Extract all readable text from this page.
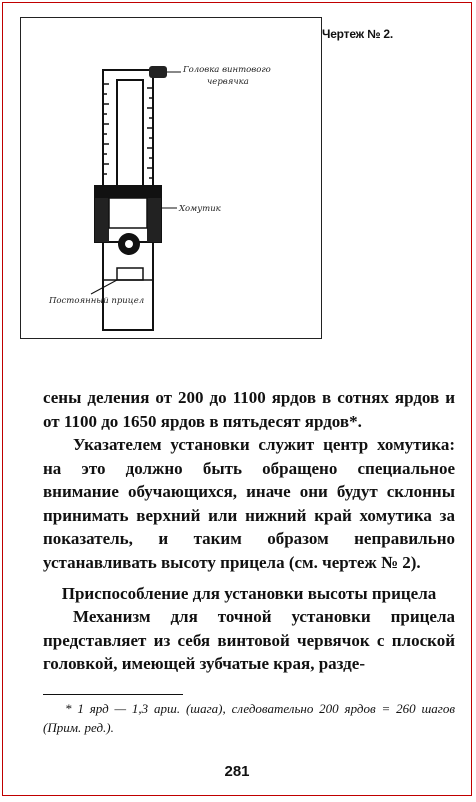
Головка винтового
червячка
Хомутик
Постоянный прицел
Чертеж № 2.
сены деления от 200 до 1100 ярдов в сотнях ярдов и от 1100 до 1650 ярдов в пятьдесят ярдов*.
Указателем установки служит центр хомутика: на это должно быть обращено специальное внимание обучающихся, иначе они будут склонны принимать верхний или нижний край хомутика за показатель, и таким образом неправильно устанавливать высоту прицела (см. чертеж № 2).
Приспособление для установки высоты прицела
Механизм для точной установки прицела представляет из себя винтовой червячок с плоской головкой, имеющей зубчатые края, разде-
* 1 ярд — 1,3 арш. (шага), следовательно 200 ярдов = 260 шагов (Прим. ред.).
281
